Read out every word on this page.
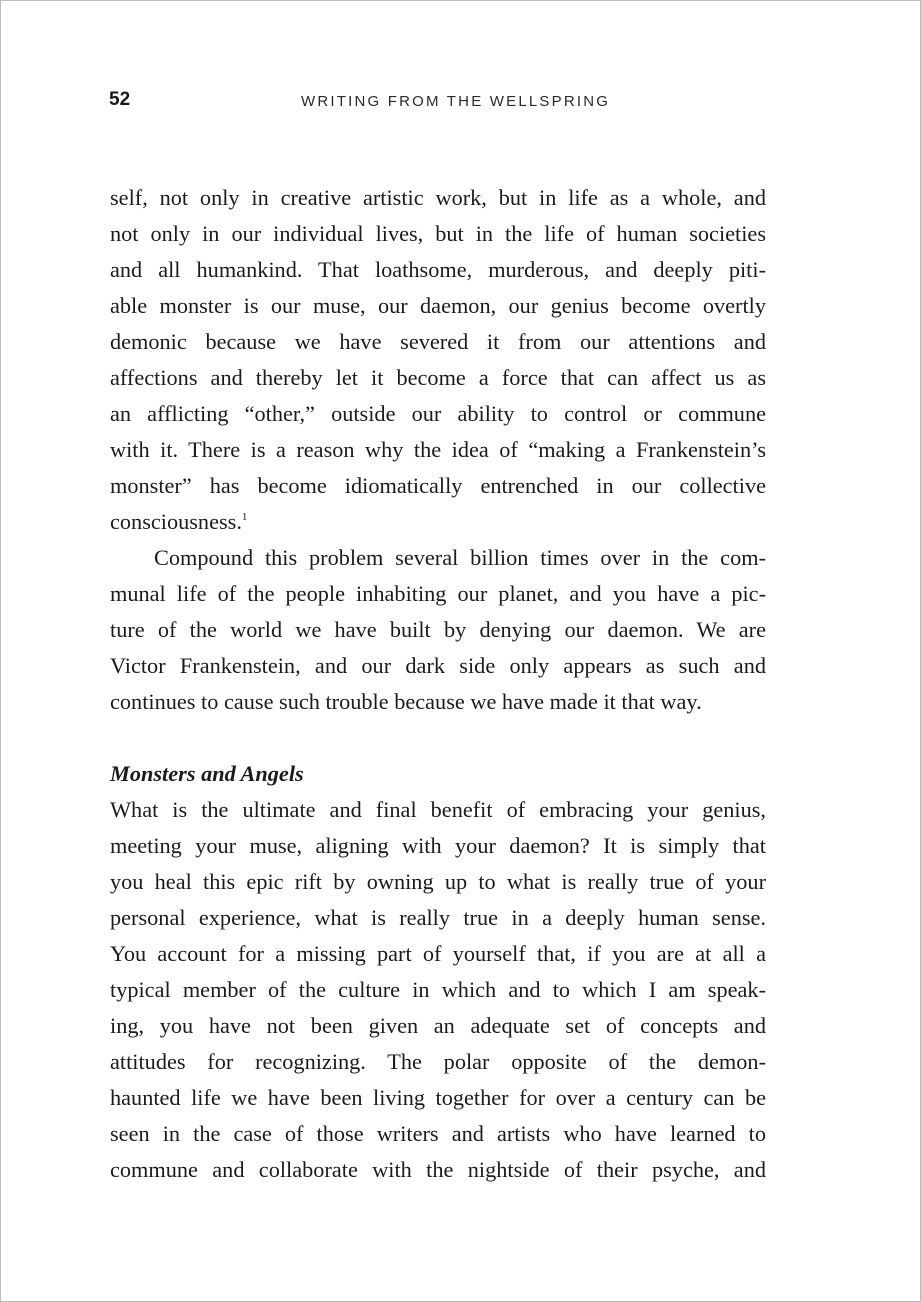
52	WRITING FROM THE WELLSPRING
self, not only in creative artistic work, but in life as a whole, and
not only in our individual lives, but in the life of human societies
and all humankind. That loathsome, murderous, and deeply piti-
able monster is our muse, our daemon, our genius become overtly
demonic because we have severed it from our attentions and
affections and thereby let it become a force that can affect us as
an afflicting “other,” outside our ability to control or commune
with it. There is a reason why the idea of “making a Frankenstein’s
monster” has become idiomatically entrenched in our collective
consciousness.$^1$
Compound this problem several billion times over in the com-
munal life of the people inhabiting our planet, and you have a pic-
ture of the world we have built by denying our daemon. We are
Victor Frankenstein, and our dark side only appears as such and
continues to cause such trouble because we have made it that way.
Monsters and Angels
What is the ultimate and final benefit of embracing your genius,
meeting your muse, aligning with your daemon? It is simply that
you heal this epic rift by owning up to what is really true of your
personal experience, what is really true in a deeply human sense.
You account for a missing part of yourself that, if you are at all a
typical member of the culture in which and to which I am speak-
ing, you have not been given an adequate set of concepts and
attitudes for recognizing. The polar opposite of the demon-
haunted life we have been living together for over a century can be
seen in the case of those writers and artists who have learned to
commune and collaborate with the nightside of their psyche, and
